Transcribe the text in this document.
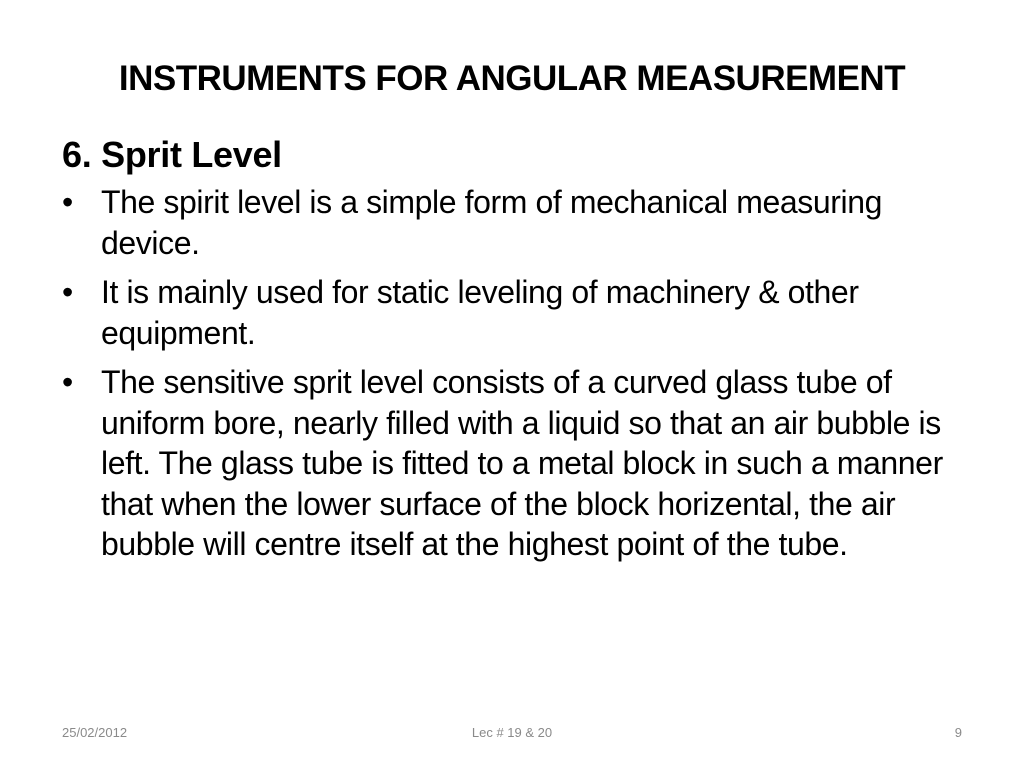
INSTRUMENTS FOR ANGULAR MEASUREMENT
6. Sprit Level
• The spirit level is a simple form of mechanical measuring device.
• It is mainly used for static leveling of machinery & other equipment.
• The sensitive sprit level consists of a curved glass tube of uniform bore, nearly filled with a liquid so that an air bubble is left. The glass tube is fitted to a metal block in such a manner that when the lower surface of the block horizental, the air bubble will centre itself at the highest point of the tube.
25/02/2012	Lec # 19 & 20	9
